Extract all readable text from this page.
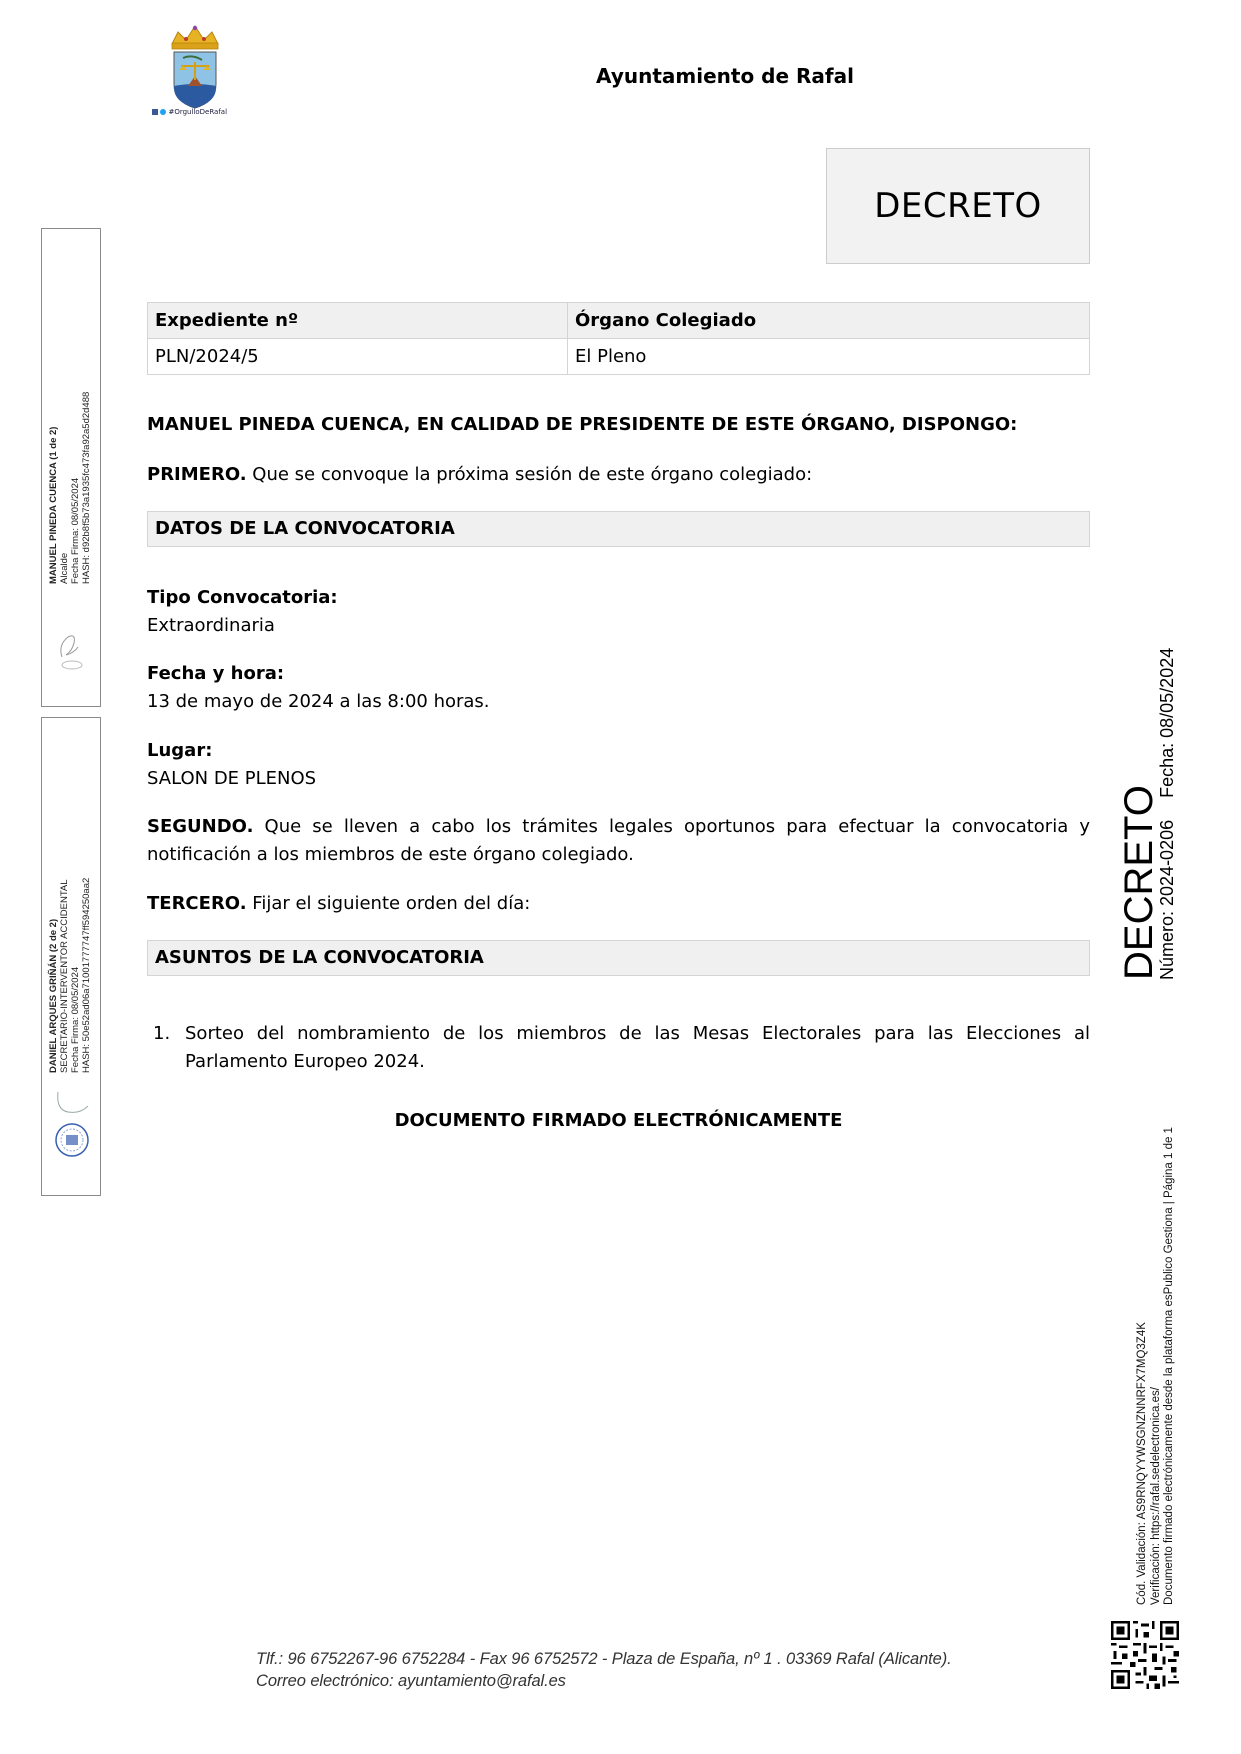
#OrgulloDeRafal
Ayuntamiento de Rafal
DECRETO
Expediente nº	Órgano Colegiado
PLN/2024/5	El Pleno
MANUEL PINEDA CUENCA, EN CALIDAD DE PRESIDENTE DE ESTE ÓRGANO, DISPONGO:
PRIMERO. Que se convoque la próxima sesión de este órgano colegiado:
DATOS DE LA CONVOCATORIA
Tipo Convocatoria:
Extraordinaria
Fecha y hora:
13 de mayo de 2024 a las 8:00 horas.
Lugar:
SALON DE PLENOS
SEGUNDO. Que se lleven a cabo los trámites legales oportunos para efectuar la convocatoria y
notificación a los miembros de este órgano colegiado.
TERCERO. Fijar el siguiente orden del día:
ASUNTOS DE LA CONVOCATORIA
1. Sorteo del nombramiento de los miembros de las Mesas Electorales para las Elecciones al
Parlamento Europeo 2024.
DOCUMENTO FIRMADO ELECTRÓNICAMENTE
MANUEL PINEDA CUENCA (1 de 2) Alcalde Fecha Firma: 08/05/2024 HASH: d92b8f5b73a1935fc473fa92a5d2d488
DANIEL ARQUES GRIÑÁN (2 de 2) SECRETARIO-INTERVENTOR ACCIDENTAL Fecha Firma: 08/05/2024 HASH: 50e52ad06a71001777747ff594250aa2	DECRETO
Número: 2024-0206Fecha: 08/05/2024
Cód. Validación: AS9RNQYYWSGNZNNRFX7MQ3Z4K Verificación: https://rafal.sedelectronica.es/ Documento firmado electrónicamente desde la plataforma esPublico Gestiona | Página 1 de 1
Tlf.: 96 6752267-96 6752284 - Fax 96 6752572 - Plaza de España, nº 1 . 03369 Rafal (Alicante).
Correo electrónico: ayuntamiento@rafal.es
